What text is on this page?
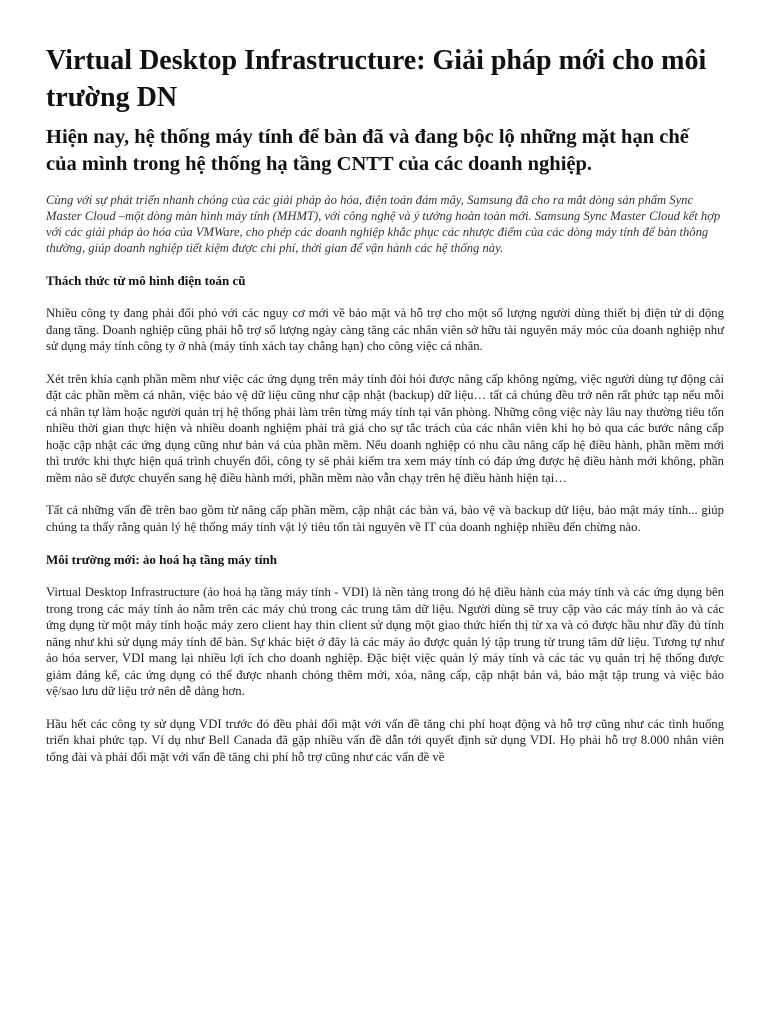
Virtual Desktop Infrastructure: Giải pháp mới cho môi trường DN
Hiện nay, hệ thống máy tính để bàn đã và đang bộc lộ những mặt hạn chế của mình trong hệ thống hạ tầng CNTT của các doanh nghiệp.

Cùng với sự phát triển nhanh chóng của các giải pháp ảo hóa, điện toán đám mây, Samsung đã cho ra mắt dòng sản phẩm Sync Master Cloud –một dòng màn hình máy tính (MHMT), với công nghệ và ý tưởng hoàn toàn mới. Samsung Sync Master Cloud kết hợp với các giải pháp ảo hóa của VMWare, cho phép các doanh nghiệp khắc phục các nhược điểm của các dòng máy tính để bàn thông thường, giúp doanh nghiệp tiết kiệm được chi phí, thời gian để vận hành các hệ thống này.

Thách thức từ mô hình điện toán cũ

Nhiều công ty đang phải đối phó với các nguy cơ mới về bảo mật và hỗ trợ cho một số lượng người dùng thiết bị điện tử di động đang tăng. Doanh nghiệp cũng phải hỗ trợ số lượng ngày càng tăng các nhân viên sở hữu tài nguyên máy móc của doanh nghiệp như sử dụng máy tính công ty ở nhà (máy tính xách tay chẳng hạn) cho công việc cá nhân.

Xét trên khía cạnh phần mềm như việc các ứng dụng trên máy tính đòi hỏi được nâng cấp không ngừng, việc người dùng tự động cài đặt các phần mềm cá nhân, việc bảo vệ dữ liệu cũng như cập nhật (backup) dữ liệu… tất cả chúng đều trở nên rất phức tạp nếu mỗi cá nhân tự làm hoặc người quản trị hệ thống phải làm trên từng máy tính tại văn phòng. Những công việc này lâu nay thường tiêu tốn nhiều thời gian thực hiện và nhiều doanh nghiệm phải trả giá cho sự tắc trách của các nhân viên khi họ bỏ qua các bước nâng cấp hoặc cập nhật các ứng dụng cũng như bản vá của phần mềm. Nếu doanh nghiệp có nhu cầu nâng cấp hệ điều hành, phần mềm mới thì trước khi thực hiện quá trình chuyển đổi, công ty sẽ phải kiểm tra xem máy tính có đáp ứng được hệ điều hành mới không, phần mềm nào sẽ được chuyển sang hệ điều hành mới, phần mềm nào vẫn chạy trên hệ điều hành hiện tại…

Tất cả những vấn đề trên bao gồm từ nâng cấp phần mềm, cập nhật các bản vá, bảo vệ và backup dữ liệu, bảo mật máy tính... giúp chúng ta thấy rằng quản lý hệ thống máy tính vật lý tiêu tốn tài nguyên về IT của doanh nghiệp nhiều đến chừng nào.

Môi trường mới: ảo hoá hạ tầng máy tính

Virtual Desktop Infrastructure (ảo hoá hạ tầng máy tính - VDI) là nền tảng trong đó hệ điều hành của máy tính và các ứng dụng bên trong trong các máy tính ảo nằm trên các máy chủ trong các trung tâm dữ liệu. Người dùng sẽ truy cập vào các máy tính ảo và các ứng dụng từ một máy tính hoặc máy zero client hay thin client sử dụng một giao thức hiển thị từ xa và có được hầu như đầy đủ tính năng như khi sử dụng máy tính để bàn. Sự khác biệt ở đây là các máy ảo được quản lý tập trung từ trung tâm dữ liệu. Tương tự như ảo hóa server, VDI mang lại nhiều lợi ích cho doanh nghiệp. Đặc biệt việc quản lý máy tính và các tác vụ quản trị hệ thống được giảm đáng kể, các ứng dụng có thể được nhanh chóng thêm mới, xóa, nâng cấp, cập nhật bản vá, bảo mật tập trung và việc bảo vệ/sao lưu dữ liệu trở nên dễ dàng hơn.

Hầu hết các công ty sử dụng VDI trước đó đều phải đối mặt với vấn đề tăng chi phí hoạt động và hỗ trợ cũng như các tình huống triển khai phức tạp. Ví dụ như Bell Canada đã gặp nhiều vấn đề dẫn tới quyết định sử dụng VDI. Họ phải hỗ trợ 8.000 nhân viên tổng đài và phải đối mặt với vấn đề tăng chi phí hỗ trợ cũng như các vấn đề về
